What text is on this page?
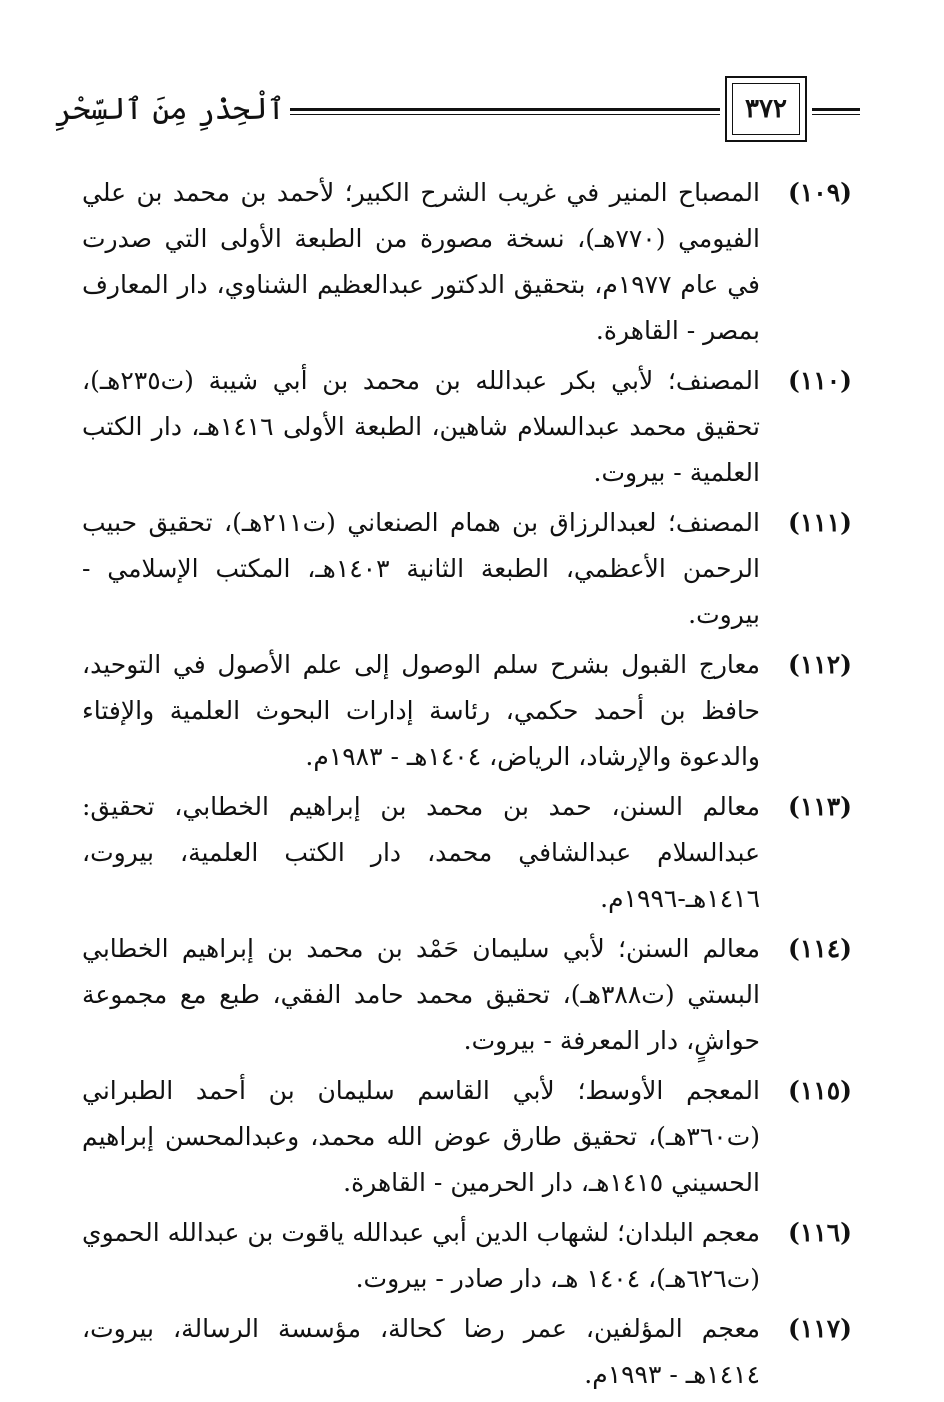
ٱلْحِذْرِ مِنَ ٱلسِّحْرِ	٣٧٢
(١٠٩)
المصباح المنير في غريب الشرح الكبير؛ لأحمد بن محمد بن علي الفيومي (٧٧٠هـ)، نسخة مصورة من الطبعة الأولى التي صدرت في عام ١٩٧٧م، بتحقيق الدكتور عبدالعظيم الشناوي، دار المعارف بمصر - القاهرة.
(١١٠)
المصنف؛ لأبي بكر عبدالله بن محمد بن أبي شيبة (ت٢٣٥هـ)، تحقيق محمد عبدالسلام شاهين، الطبعة الأولى ١٤١٦هـ، دار الكتب العلمية - بيروت.
(١١١)
المصنف؛ لعبدالرزاق بن همام الصنعاني (ت٢١١هـ)، تحقيق حبيب الرحمن الأعظمي، الطبعة الثانية ١٤٠٣هـ، المكتب الإسلامي - بيروت.
(١١٢)
معارج القبول بشرح سلم الوصول إلى علم الأصول في التوحيد، حافظ بن أحمد حكمي، رئاسة إدارات البحوث العلمية والإفتاء والدعوة والإرشاد، الرياض، ١٤٠٤هـ - ١٩٨٣م.
(١١٣)
معالم السنن، حمد بن محمد بن إبراهيم الخطابي، تحقيق: عبدالسلام عبدالشافي محمد، دار الكتب العلمية، بيروت، ١٤١٦هـ-١٩٩٦م.
(١١٤)
معالم السنن؛ لأبي سليمان حَمْد بن محمد بن إبراهيم الخطابي البستي (ت٣٨٨هـ)، تحقيق محمد حامد الفقي، طبع مع مجموعة حواشٍ، دار المعرفة - بيروت.
(١١٥)
المعجم الأوسط؛ لأبي القاسم سليمان بن أحمد الطبراني (ت٣٦٠هـ)، تحقيق طارق عوض الله محمد، وعبدالمحسن إبراهيم الحسيني ١٤١٥هـ، دار الحرمين - القاهرة.
(١١٦)
معجم البلدان؛ لشهاب الدين أبي عبدالله ياقوت بن عبدالله الحموي (ت٦٢٦هـ)، ١٤٠٤ هـ، دار صادر - بيروت.
(١١٧)
معجم المؤلفين، عمر رضا كحالة، مؤسسة الرسالة، بيروت، ١٤١٤هـ - ١٩٩٣م.
